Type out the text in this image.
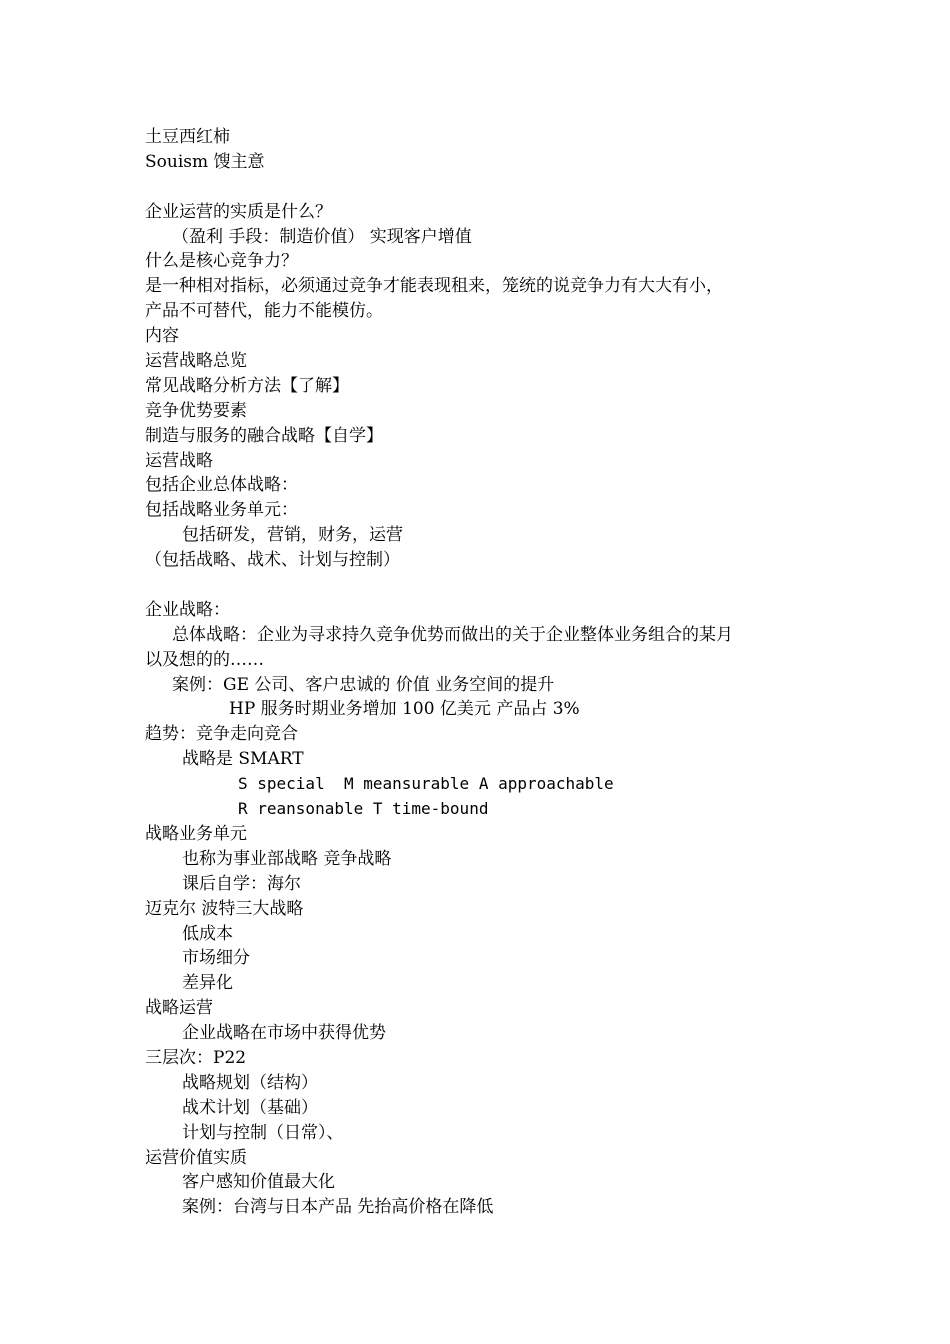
土豆西红柿
Souism 馊主意
企业运营的实质是什么？
（盈利 手段：制造价值） 实现客户增值
什么是核心竞争力？
是一种相对指标，必须通过竞争才能表现租来，笼统的说竞争力有大大有小，
产品不可替代，能力不能模仿。
内容
运营战略总览
常见战略分析方法【了解】
竞争优势要素
制造与服务的融合战略【自学】
运营战略
包括企业总体战略：
包括战略业务单元：
包括研发，营销，财务，运营
（包括战略、战术、计划与控制）
企业战略：
总体战略：企业为寻求持久竞争优势而做出的关于企业整体业务组合的某月
以及想的的……
案例：GE 公司、客户忠诚的 价值 业务空间的提升
HP 服务时期业务增加 100 亿美元 产品占 3%
趋势：竞争走向竞合
战略是 SMART
S special  M meansurable A approachable
R reansonable T time-bound
战略业务单元
也称为事业部战略 竞争战略
课后自学：海尔
迈克尔 波特三大战略
低成本
市场细分
差异化
战略运营
企业战略在市场中获得优势
三层次：P22
战略规划（结构）
战术计划（基础）
计划与控制（日常）、
运营价值实质
客户感知价值最大化
案例：台湾与日本产品 先抬高价格在降低
